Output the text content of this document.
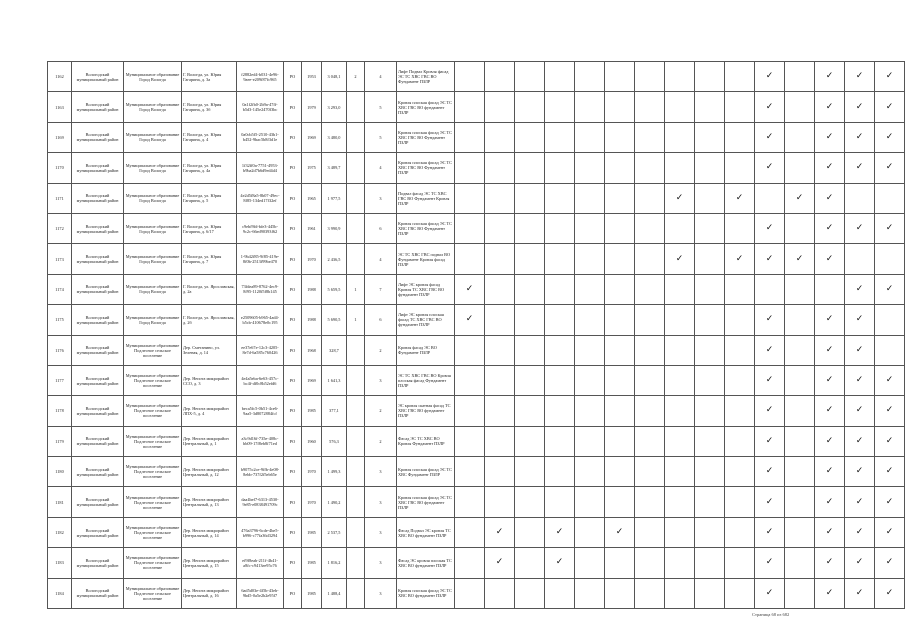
1162	Вологодский муниципальный район	Муниципальное образование Город Вологда	Г. Вологда, ул. Юрия Гагарина, д. 3а	f2882ed4-b031-4e96-9aee-e209f87fc965	РО	1953	3 048,1	2	4	Лифт Подвал Кровля фасад ЭС ТС ХВС ГВС ВО Фундамент ПЗЛР											✓		✓	✓	✓
1163	Вологодский муниципальный район	Муниципальное образование Город Вологда	Г. Вологда, ул. Юрия Гагарина, д. 3б	0a1f2fb0-2b9a-47ff-b5d3-145e2470f3bc	РО	1979	3 293,0		5	Кровля плоская фасад ЭС ТС ХВС ГВС ВО фундамент ПЗЛР											✓		✓	✓	✓
1169	Вологодский муниципальный район	Муниципальное образование Город Вологда	Г. Вологда, ул. Юрия Гагарина, д. 4	0a0cb5f5-2510-43b1-b452-9bac5b8f3d1e	РО	1969	3 480,0		5	Кровля плоская фасад ЭС ТС ХВС ГВС ВО Фундамент ПЗЛР											✓		✓	✓	✓
1170	Вологодский муниципальный район	Муниципальное образование Город Вологда	Г. Вологда, ул. Юрия Гагарина, д. 4а	1f32ff0a-7751-4953-b9ba2d7b6d9ed4d4	РО	1975	3 489,7		4	Кровля плоская фасад ЭС ТС ХВС ГВС ВО Фундамент ПЗЛР											✓		✓	✓	✓
1171	Вологодский муниципальный район	Муниципальное образование Город Вологда	Г. Вологда, ул. Юрия Гагарина, д. 5	4e2d5f8a5-8b07-49ec-8f85-134ed17f32ef	РО	1965	1 977,5		3	Подвал фасад ЭС ТС ХВС ГВС ВО Фундамент Кровля ПЗЛР								✓		✓		✓	✓		
1172	Вологодский муниципальный район	Муниципальное образование Город Вологда	Г. Вологда, ул. Юрия Гагарина, д. 6/17	c9ebf9fd-bfe3-445b-9c2c-66ed90393f62	РО	1961	3 990,9		6	Кровля плоская фасад ЭС ТС ХВС ГВС ВО Фундамент ПЗЛР											✓		✓	✓	✓
1173	Вологодский муниципальный район	Муниципальное образование Город Вологда	Г. Вологда, ул. Юрия Гагарина, д. 7	1-9b42f85-9f85-419e-8f0b-2513f99be470	РО	1970	2 436,5		4	ЭС ТС ХВС ГВС подвал ВО Фундамент Кровля фасад ПЗЛР								✓		✓	✓	✓	✓		
1174	Вологодский муниципальный район	Муниципальное образование Город Вологда	Г. Вологда, ул. Ярославская, д. 2а	73fdea89-8762-4ec9-8f95-1120f5f8b145	РО	1988	5 659,5	1	7	Лифт ЭС кровля фасад Кровля ТС ХВС ГВС ВО фундамент ПЗЛР	✓													✓	✓
1175	Вологодский муниципальный район	Муниципальное образование Город Вологда	Г. Вологда, ул. Ярославская, д. 2б	e2509605-b965-4ad4-b5cb-410678e0c195	РО	1988	5 690,5	1	6	Лифт ЭС кровля плоская фасад ТС ХВС ГВС ВО фундамент ПЗЛР	✓										✓		✓	✓	
1176	Вологодский муниципальный район	Муниципальное образование Подлесное сельское поселение	Дер. Сметанино, ул. Зеленая, д. 14	ee37e67e-12c3-4205-8e7d-6a585c760426	РО	1968	328,7		2	Кровля фасад ЭС ВО Фундамент ПЗЛР											✓		✓	✓	
1177	Вологодский муниципальный район	Муниципальное образование Подлесное сельское поселение	Дер. Непота микрорайон ССО, д. 3	4e4a5eba-6e63-457c-bc4f-df0c8b52efd6	РО	1969	1 641,3		3	ЭС ТС ХВС ГВС ВО Кровля плоская фасад Фундамент ПЗЛР											✓		✓	✓	✓
1178	Вологодский муниципальный район	Муниципальное образование Подлесное сельское поселение	Дер. Непота микрорайон ЛПХ-5, д. 4	beca5fc5-0b51-4ce6-9aa5-3d8072884fcf	РО	1985	377,1		2	ЭС кровля скатная фасад ТС ХВС ГВС ВО фундамент ПЗЛР											✓		✓	✓	✓
1179	Вологодский муниципальный район	Муниципальное образование Подлесное сельское поселение	Дер. Непота микрорайон Центральный, д. 1	a3c9d16f-735e-408c-bb09-17f8eb8f71ed	РО	1960	576,3		2	Фасад ЭС ТС ХВС ВО Кровля Фундамент ПЗЛР											✓		✓	✓	✓
1180	Вологодский муниципальный район	Муниципальное образование Подлесное сельское поселение	Дер. Непота микрорайон Центральный, д. 12	b9075c2ce-9ffb-4e08-8ebb-737f2f5eb65e	РО	1970	1 499,3		3	Кровля плоская фасад ЭС ТС ХВС Фундамент ПЗЛР											✓		✓	✓	✓
1181	Вологодский муниципальный район	Муниципальное образование Подлесное сельское поселение	Дер. Непота микрорайон Центральный, д. 13	daa4bef7-6313-4530-9e85-e0838491709c	РО	1970	1 490,2		3	Кровля плоская фасад ЭС ТС ХВС ГВС ВО фундамент ПЗЛР											✓		✓	✓	✓
1182	Вологодский муниципальный район	Муниципальное образование Подлесное сельское поселение	Дер. Непота микрорайон Центральный, д. 14	476a3796-6cde-4be5-b996-c77fa36d3294	РО	1985	2 537,5		3	Фасад Подвал ЭС кровля ТС ХВС ВО фундамент ПЗЛР		✓		✓		✓					✓		✓	✓	✓
1183	Вологодский муниципальный район	Муниципальное образование Подлесное сельское поселение	Дер. Непота микрорайон Центральный, д. 15	ef9f8eab-211f-4b41-a8fc-c9413ee95c76	РО	1985	1 816,2		3	Фасад ЭС кровля плоская ТС ХВС ВО фундамент ПЗЛР		✓		✓							✓		✓	✓	✓
1184	Вологодский муниципальный район	Муниципальное образование Подлесное сельское поселение	Дер. Непота микрорайон Центральный, д. 16	6ad5d03e-4f5b-43eb-9bd5-0a5e2b2e95f7	РО	1985	1 488,4		3	Кровля плоская фасад ЭС ТС ХВС ВО фундамент ПЗЛР											✓		✓	✓	✓
Страница 68 из 682
